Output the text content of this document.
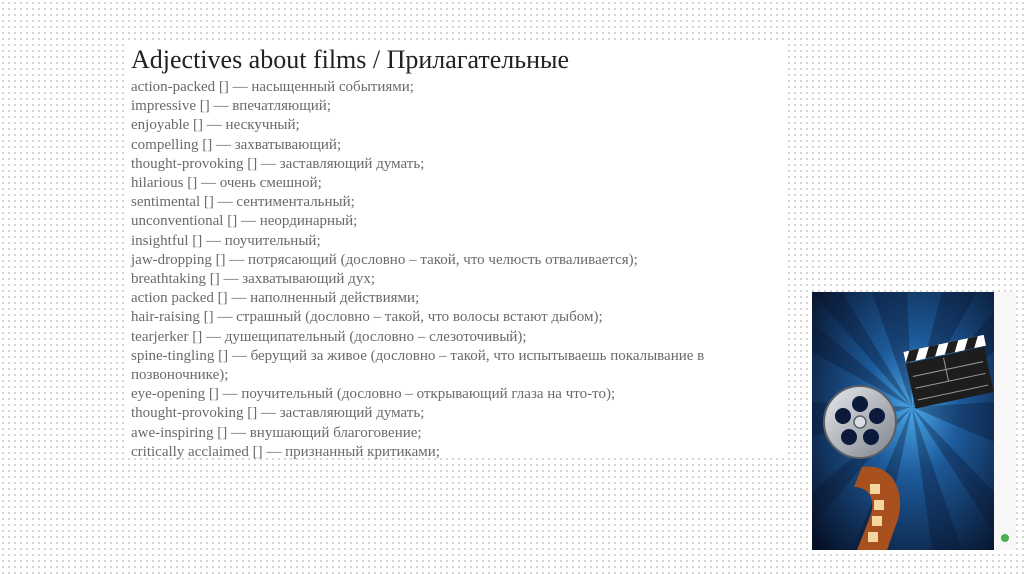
Adjectives about films / Прилагательные
action-packed [] — насыщенный событиями;
impressive [] — впечатляющий;
enjoyable [] — нескучный;
compelling [] — захватывающий;
thought-provoking [] — заставляющий думать;
hilarious [] — очень смешной;
sentimental [] — сентиментальный;
unconventional [] — неординарный;
insightful [] — поучительный;
jaw-dropping [] — потрясающий (дословно – такой, что челюсть отваливается);
breathtaking [] — захватывающий дух;
action packed [] — наполненный действиями;
hair-raising [] — страшный (дословно – такой, что волосы встают дыбом);
tearjerker [] — душещипательный (дословно – слезоточивый);
spine-tingling [] — берущий за живое (дословно – такой, что испытываешь покалывание в позвоночнике);
eye-opening [] — поучительный (дословно – открывающий глаза на что-то);
thought-provoking [] — заставляющий думать;
awe-inspiring [] — внушающий благоговение;
critically acclaimed [] — признанный критиками;
